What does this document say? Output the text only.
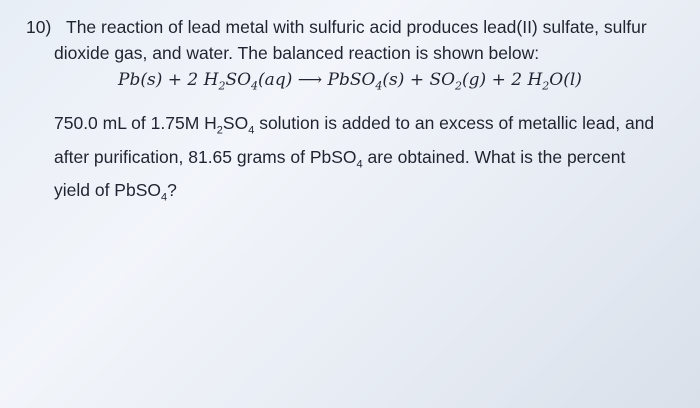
10) The reaction of lead metal with sulfuric acid produces lead(II) sulfate, sulfur

dioxide gas, and water. The balanced reaction is shown below:

Pb(s) + 2 $H_2SO_4(aq)$ ⟶ PbSO$_4$(s) + $SO_2(g) + 2$ $H_2O(l)$

750.0 mL of 1.75M $H_2SO_4$ solution is added to an excess of metallic lead, and

after purification, 81.65 grams of PbSO$_4$ are obtained. What is the percent

yield of PbSO$_4$?
